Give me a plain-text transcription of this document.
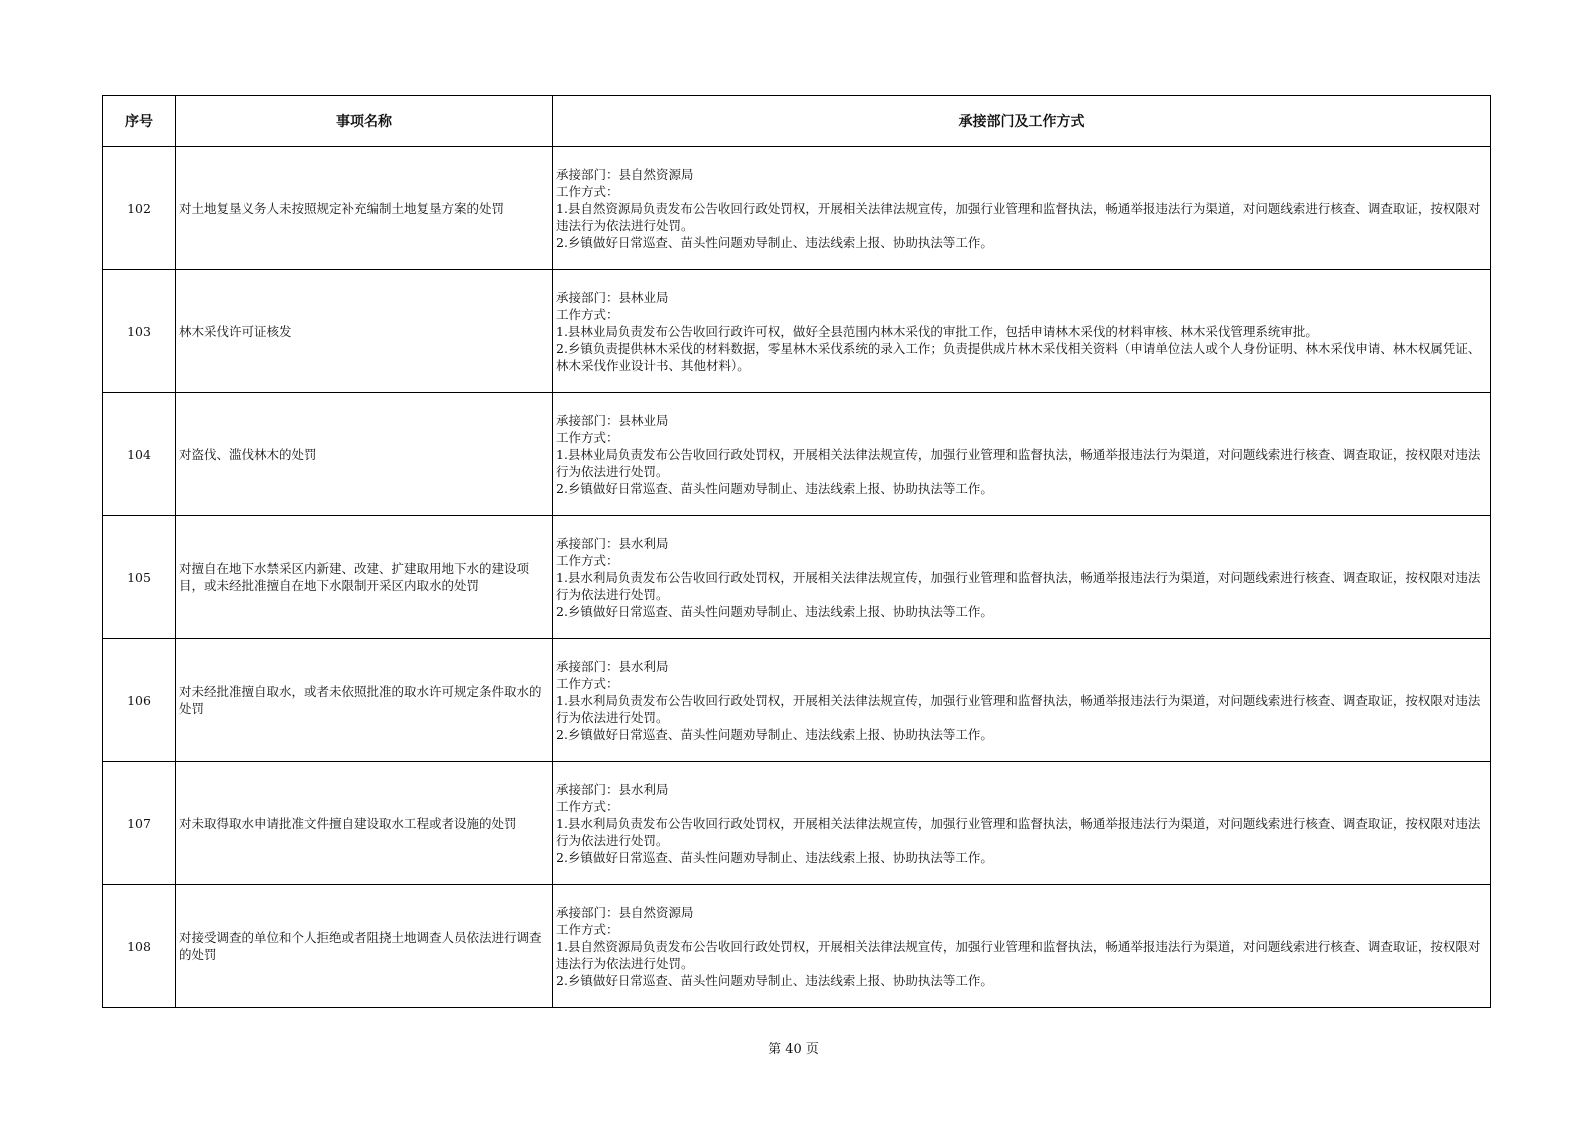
序号	事项名称	承接部门及工作方式
102	对土地复垦义务人未按照规定补充编制土地复垦方案的处罚	承接部门：县自然资源局
工作方式：
1.县自然资源局负责发布公告收回行政处罚权，开展相关法律法规宣传，加强行业管理和监督执法，畅通举报违法行为渠道，对问题线索进行核查、调查取证，按权限对违法行为依法进行处罚。
2.乡镇做好日常巡查、苗头性问题劝导制止、违法线索上报、协助执法等工作。

103	林木采伐许可证核发	承接部门：县林业局
工作方式：
1.县林业局负责发布公告收回行政许可权，做好全县范围内林木采伐的审批工作，包括申请林木采伐的材料审核、林木采伐管理系统审批。
2.乡镇负责提供林木采伐的材料数据，零星林木采伐系统的录入工作；负责提供成片林木采伐相关资料（申请单位法人或个人身份证明、林木采伐申请、林木权属凭证、林木采伐作业设计书、其他材料）。

104	对盗伐、滥伐林木的处罚	承接部门：县林业局
工作方式：
1.县林业局负责发布公告收回行政处罚权，开展相关法律法规宣传，加强行业管理和监督执法，畅通举报违法行为渠道，对问题线索进行核查、调查取证，按权限对违法行为依法进行处罚。
2.乡镇做好日常巡查、苗头性问题劝导制止、违法线索上报、协助执法等工作。

105	对擅自在地下水禁采区内新建、改建、扩建取用地下水的建设项目，或未经批准擅自在地下水限制开采区内取水的处罚	承接部门：县水利局
工作方式：
1.县水利局负责发布公告收回行政处罚权，开展相关法律法规宣传，加强行业管理和监督执法，畅通举报违法行为渠道，对问题线索进行核查、调查取证，按权限对违法行为依法进行处罚。
2.乡镇做好日常巡查、苗头性问题劝导制止、违法线索上报、协助执法等工作。

106	对未经批准擅自取水，或者未依照批准的取水许可规定条件取水的处罚	承接部门：县水利局
工作方式：
1.县水利局负责发布公告收回行政处罚权，开展相关法律法规宣传，加强行业管理和监督执法，畅通举报违法行为渠道，对问题线索进行核查、调查取证，按权限对违法行为依法进行处罚。
2.乡镇做好日常巡查、苗头性问题劝导制止、违法线索上报、协助执法等工作。

107	对未取得取水申请批准文件擅自建设取水工程或者设施的处罚	承接部门：县水利局
工作方式：
1.县水利局负责发布公告收回行政处罚权，开展相关法律法规宣传，加强行业管理和监督执法，畅通举报违法行为渠道，对问题线索进行核查、调查取证，按权限对违法行为依法进行处罚。
2.乡镇做好日常巡查、苗头性问题劝导制止、违法线索上报、协助执法等工作。

108	对接受调查的单位和个人拒绝或者阻挠土地调查人员依法进行调查的处罚	承接部门：县自然资源局
工作方式：
1.县自然资源局负责发布公告收回行政处罚权，开展相关法律法规宣传，加强行业管理和监督执法，畅通举报违法行为渠道，对问题线索进行核查、调查取证，按权限对违法行为依法进行处罚。
2.乡镇做好日常巡查、苗头性问题劝导制止、违法线索上报、协助执法等工作。
第 40 页
